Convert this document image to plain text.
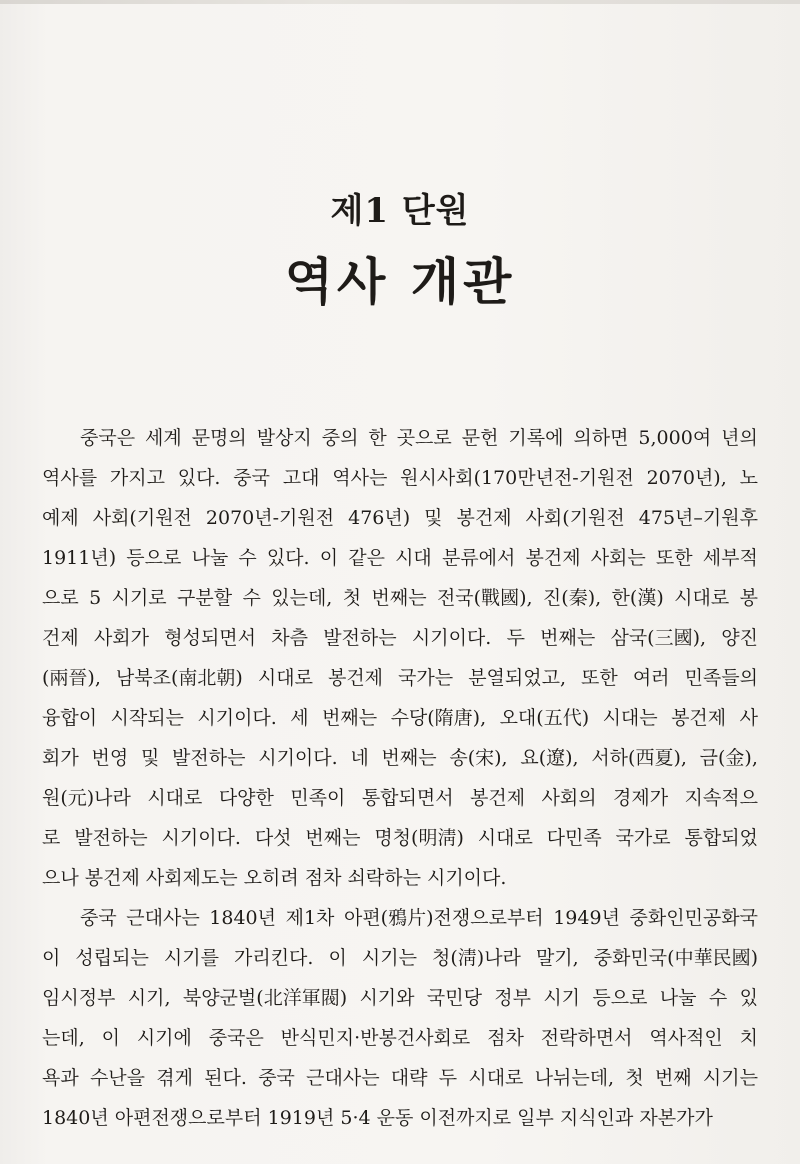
제1 단원
역사 개관
중국은 세계 문명의 발상지 중의 한 곳으로 문헌 기록에 의하면 5,000여 년의
역사를 가지고 있다. 중국 고대 역사는 원시사회(170만년전-기원전 2070년), 노
예제 사회(기원전 2070년-기원전 476년) 및 봉건제 사회(기원전 475년–기원후
1911년) 등으로 나눌 수 있다. 이 같은 시대 분류에서 봉건제 사회는 또한 세부적
으로 5 시기로 구분할 수 있는데, 첫 번째는 전국(戰國), 진(秦), 한(漢) 시대로 봉
건제 사회가 형성되면서 차츰 발전하는 시기이다. 두 번째는 삼국(三國), 양진
(兩晉), 남북조(南北朝) 시대로 봉건제 국가는 분열되었고, 또한 여러 민족들의
융합이 시작되는 시기이다. 세 번째는 수당(隋唐), 오대(五代) 시대는 봉건제 사
회가 번영 및 발전하는 시기이다. 네 번째는 송(宋), 요(遼), 서하(西夏), 금(金),
원(元)나라 시대로 다양한 민족이 통합되면서 봉건제 사회의 경제가 지속적으
로 발전하는 시기이다. 다섯 번째는 명청(明淸) 시대로 다민족 국가로 통합되었
으나 봉건제 사회제도는 오히려 점차 쇠락하는 시기이다.
중국 근대사는 1840년 제1차 아편(鴉片)전쟁으로부터 1949년 중화인민공화국
이 성립되는 시기를 가리킨다. 이 시기는 청(淸)나라 말기, 중화민국(中華民國)
임시정부 시기, 북양군벌(北洋軍閥) 시기와 국민당 정부 시기 등으로 나눌 수 있
는데, 이 시기에 중국은 반식민지·반봉건사회로 점차 전락하면서 역사적인 치
욕과 수난을 겪게 된다. 중국 근대사는 대략 두 시대로 나뉘는데, 첫 번째 시기는
1840년 아편전쟁으로부터 1919년 5·4 운동 이전까지로 일부 지식인과 자본가가
